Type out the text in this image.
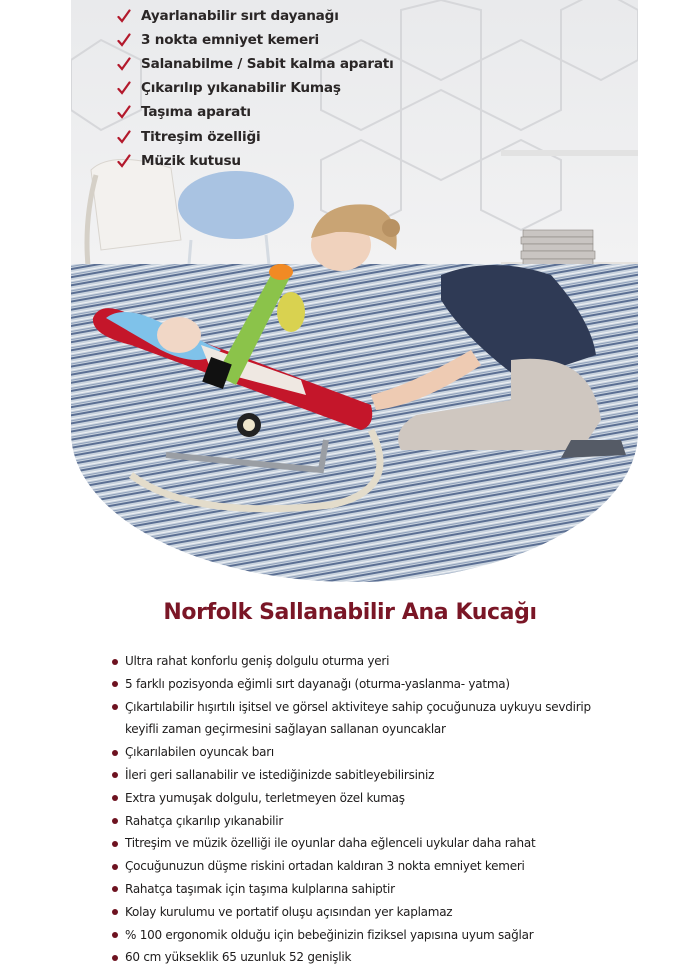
Ayarlanabilir sırt dayanağı
3 nokta emniyet kemeri
Salanabilme / Sabit kalma aparatı
Çıkarılıp yıkanabilir Kumaş
Taşıma aparatı
Titreşim özelliği
Müzik kutusu
Norfolk Sallanabilir Ana Kucağı
Ultra rahat konforlu geniş dolgulu oturma yeri
5 farklı pozisyonda eğimli sırt dayanağı (oturma-yaslanma- yatma)
Çıkartılabilir hışırtılı işitsel ve görsel aktiviteye sahip çocuğunuza uykuyu sevdirip keyifli zaman geçirmesini sağlayan sallanan oyuncaklar
Çıkarılabilen oyuncak barı
İleri geri sallanabilir ve istediğinizde sabitleyebilirsiniz
Extra yumuşak dolgulu, terletmeyen özel kumaş
Rahatça çıkarılıp yıkanabilir
Titreşim ve müzik özelliği ile oyunlar daha eğlenceli uykular daha rahat
Çocuğunuzun düşme riskini ortadan kaldıran 3 nokta emniyet kemeri
Rahatça taşımak için taşıma kulplarına sahiptir
Kolay kurulumu ve portatif oluşu açısından yer kaplamaz
% 100 ergonomik olduğu için bebeğinizin fiziksel yapısına uyum sağlar
60 cm yükseklik 65 uzunluk 52 genişlik
